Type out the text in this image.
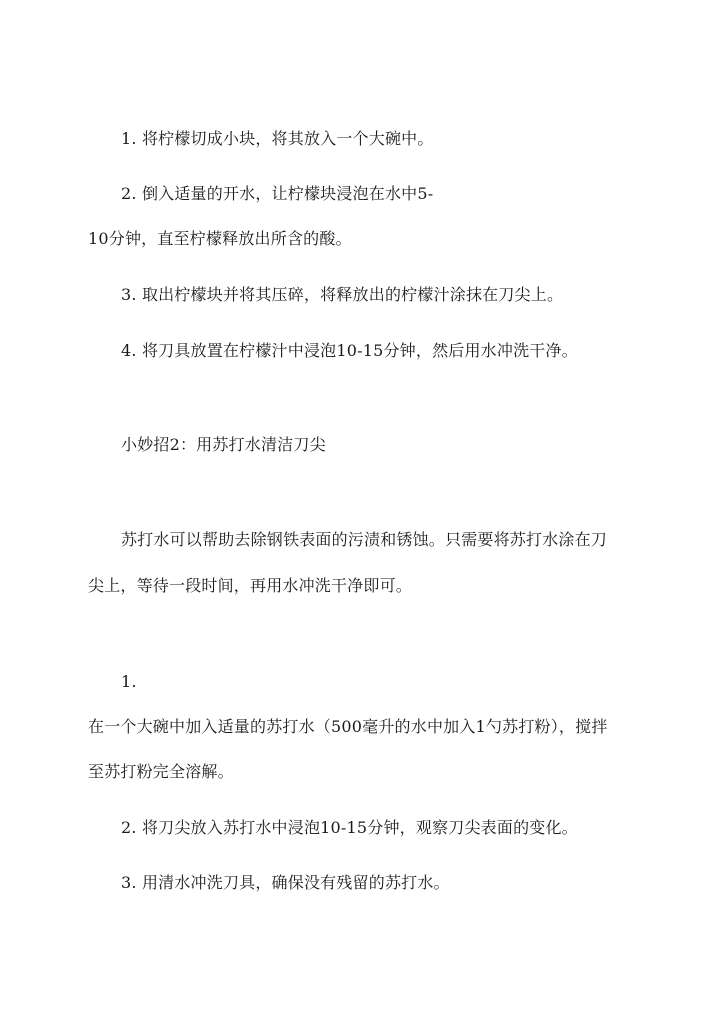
1. 将柠檬切成小块，将其放入一个大碗中。
2. 倒入适量的开水，让柠檬块浸泡在水中5-
10分钟，直至柠檬释放出所含的酸。
3. 取出柠檬块并将其压碎，将释放出的柠檬汁涂抹在刀尖上。
4. 将刀具放置在柠檬汁中浸泡10-15分钟，然后用水冲洗干净。
小妙招2：用苏打水清洁刀尖
苏打水可以帮助去除钢铁表面的污渍和锈蚀。只需要将苏打水涂在刀
尖上，等待一段时间，再用水冲洗干净即可。
1.
在一个大碗中加入适量的苏打水（500毫升的水中加入1勺苏打粉），搅拌
至苏打粉完全溶解。
2. 将刀尖放入苏打水中浸泡10-15分钟，观察刀尖表面的变化。
3. 用清水冲洗刀具，确保没有残留的苏打水。
